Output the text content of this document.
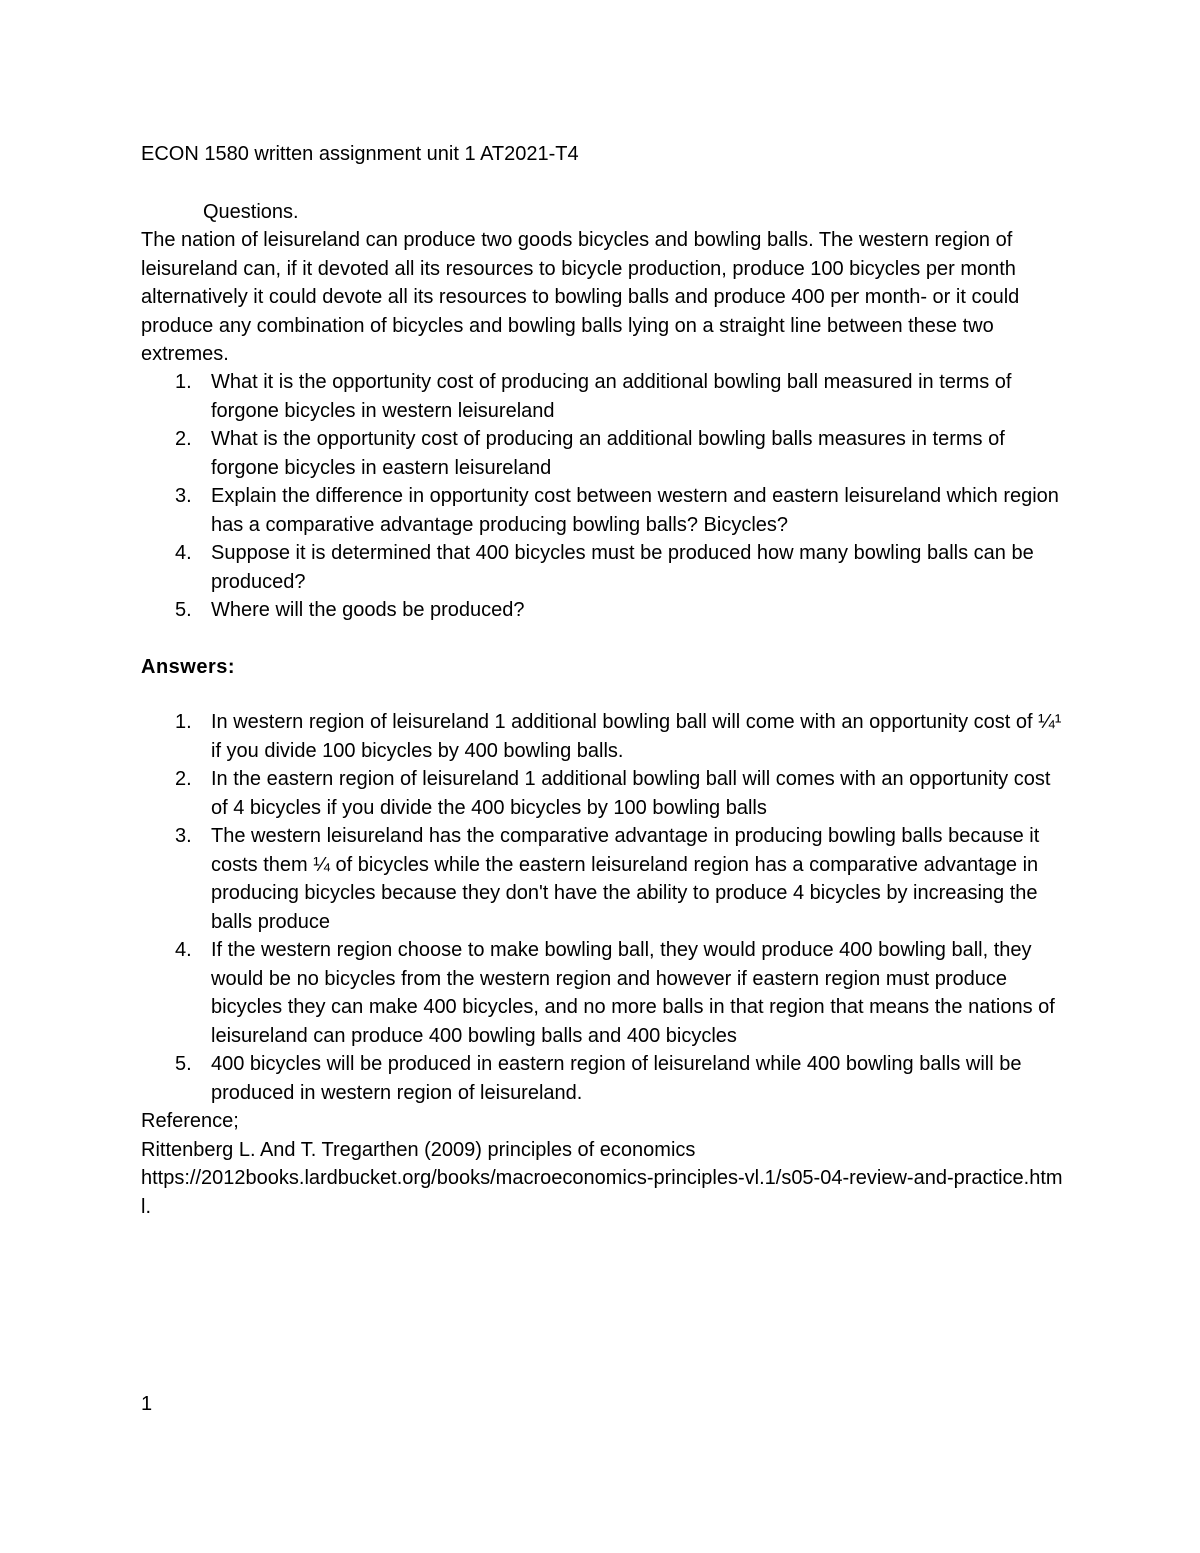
ECON 1580 written assignment unit 1 AT2021-T4

Questions.

The nation of leisureland can produce two goods bicycles and bowling balls. The western region of leisureland can, if it devoted all its resources to bicycle production, produce 100 bicycles per month alternatively it could devote all its resources to bowling balls and produce 400 per month- or it could produce any combination of bicycles and bowling balls lying on a straight line between these two extremes.

1. What it is the opportunity cost of producing an additional bowling ball measured in terms of forgone bicycles in western leisureland
2. What is the opportunity cost of producing an additional bowling balls measures in terms of forgone bicycles in eastern leisureland
3. Explain the difference in opportunity cost between western and eastern leisureland which region has a comparative advantage producing bowling balls? Bicycles?
4. Suppose it is determined that 400 bicycles must be produced how many bowling balls can be produced?
5. Where will the goods be produced?

Answers:

1. In western region of leisureland 1 additional bowling ball will come with an opportunity cost of ¼¹ if you divide 100 bicycles by 400 bowling balls.
2. In the eastern region of leisureland 1 additional bowling ball will comes with an opportunity cost of 4 bicycles if you divide the 400 bicycles by 100 bowling balls
3. The western leisureland has the comparative advantage in producing bowling balls because it costs them ¼ of bicycles while the eastern leisureland region has a comparative advantage in producing bicycles because they don't have the ability to produce 4 bicycles by increasing the balls produce
4. If the western region choose to make bowling ball, they would produce 400 bowling ball, they would be no bicycles from the western region and however if eastern region must produce bicycles they can make 400 bicycles, and no more balls in that region that means the nations of leisureland can produce 400 bowling balls and 400 bicycles
5. 400 bicycles will be produced in eastern region of leisureland while 400 bowling balls will be produced in western region of leisureland.

Reference;

Rittenberg L. And T. Tregarthen (2009) principles of economics

https://2012books.lardbucket.org/books/macroeconomics-principles-vl.1/s05-04-review-and-practice.html.

1
